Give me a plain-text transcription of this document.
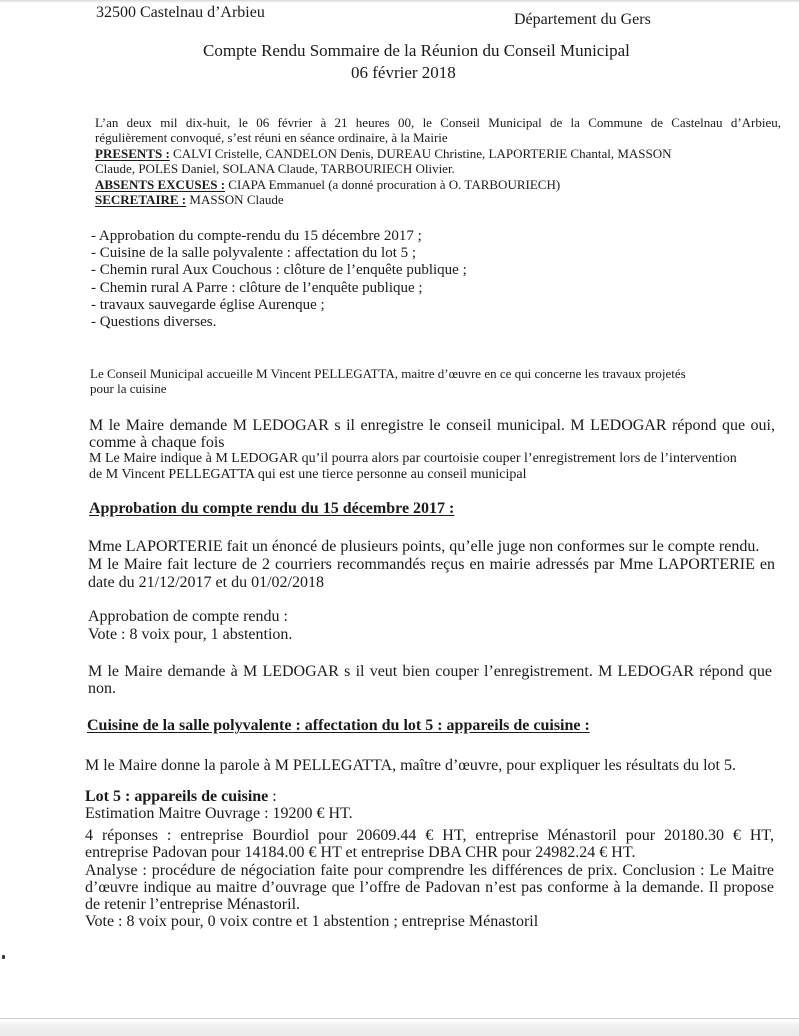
32500 Castelnau d’Arbieu	Département du Gers
Compte Rendu Sommaire de la Réunion du Conseil Municipal
06 février 2018
L’an deux mil dix-huit, le 06 février à 21 heures 00, le Conseil Municipal de la Commune de Castelnau d’Arbieu,
régulièrement convoqué, s’est réuni en séance ordinaire, à la Mairie
PRESENTS : CALVI Cristelle, CANDELON Denis, DUREAU Christine, LAPORTERIE Chantal, MASSON
Claude, POLES Daniel, SOLANA Claude, TARBOURIECH Olivier.
ABSENTS EXCUSES : CIAPA Emmanuel (a donné procuration à O. TARBOURIECH)
SECRETAIRE : MASSON Claude
- Approbation du compte-rendu du 15 décembre 2017 ;
- Cuisine de la salle polyvalente : affectation du lot 5 ;
- Chemin rural Aux Couchous : clôture de l’enquête publique ;
- Chemin rural A Parre : clôture de l’enquête publique ;
- travaux sauvegarde église Aurenque ;
- Questions diverses.
Le Conseil Municipal accueille M Vincent PELLEGATTA, maitre d’œuvre en ce qui concerne les travaux projetés
pour la cuisine
M le Maire demande M LEDOGAR s il enregistre le conseil municipal. M LEDOGAR répond que oui,
comme à chaque fois
M Le Maire indique à M LEDOGAR qu’il pourra alors par courtoisie couper l’enregistrement lors de l’intervention
de M Vincent PELLEGATTA qui est une tierce personne au conseil municipal
Approbation du compte rendu du 15 décembre 2017 :
Mme LAPORTERIE fait un énoncé de plusieurs points, qu’elle juge non conformes sur le compte rendu.
M le Maire fait lecture de 2 courriers recommandés reçus en mairie adressés par Mme LAPORTERIE en
date du 21/12/2017 et du 01/02/2018
Approbation de compte rendu :
Vote : 8 voix pour, 1 abstention.
M le Maire demande à M LEDOGAR s il veut bien couper l’enregistrement. M LEDOGAR répond que
non.
Cuisine de la salle polyvalente : affectation du lot 5 : appareils de cuisine :
M le Maire donne la parole à M PELLEGATTA, maître d’œuvre, pour expliquer les résultats du lot 5.
Lot 5 : appareils de cuisine :
Estimation Maitre Ouvrage : 19200 € HT.
4 réponses : entreprise Bourdiol pour 20609.44 € HT, entreprise Ménastoril pour 20180.30 € HT,
entreprise Padovan pour 14184.00 € HT et entreprise DBA CHR pour 24982.24 € HT.
Analyse : procédure de négociation faite pour comprendre les différences de prix. Conclusion : Le Maitre
d’œuvre indique au maitre d’ouvrage que l’offre de Padovan n’est pas conforme à la demande. Il propose
de retenir l’entreprise Ménastoril.
Vote : 8 voix pour, 0 voix contre et 1 abstention ; entreprise Ménastoril
